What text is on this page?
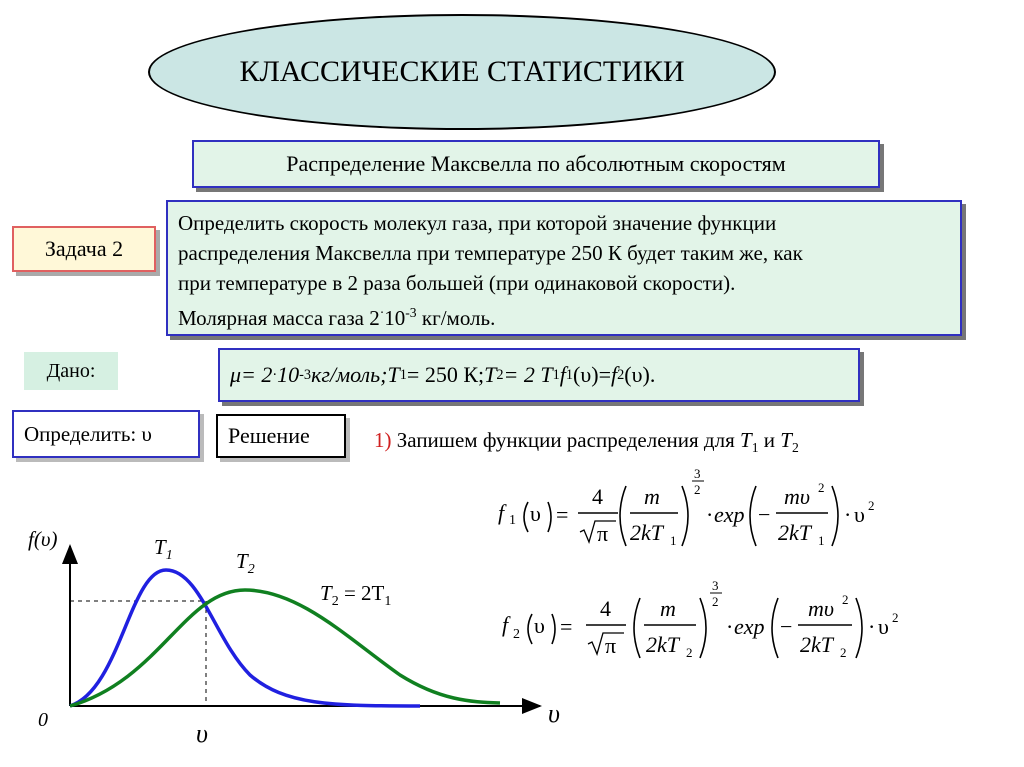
КЛАССИЧЕСКИЕ СТАТИСТИКИ
Распределение Максвелла по абсолютным скоростям
Задача 2
Определить скорость молекул газа, при которой значение функции
распределения Максвелла при температуре 250 К будет таким же, как
при температуре в 2 раза большей (при одинаковой скорости).
Молярная масса газа $2^\cdot 10^{-3}$ кг/моль.
Дано:	μ= 2 · 10 -3 кг/моль; T 1 = 250 К; T 2 = 2 T 1 f 1 (υ) = f 2 (υ).
Определить: υ	Решение	1) Запишем функции распределения для $T_1$ и $T_2$
f 1 υ =
4
π
m
2kT 1
3
2
· exp −
mυ 2
2kT 1
· υ 2
f 2 υ =
4
π
m
2kT 2
3
2
· exp −
mυ 2
2kT 2
· υ 2
f(υ)
υ
0	υ
$T_1$	$T_2$
$T_2 = 2T_1$
